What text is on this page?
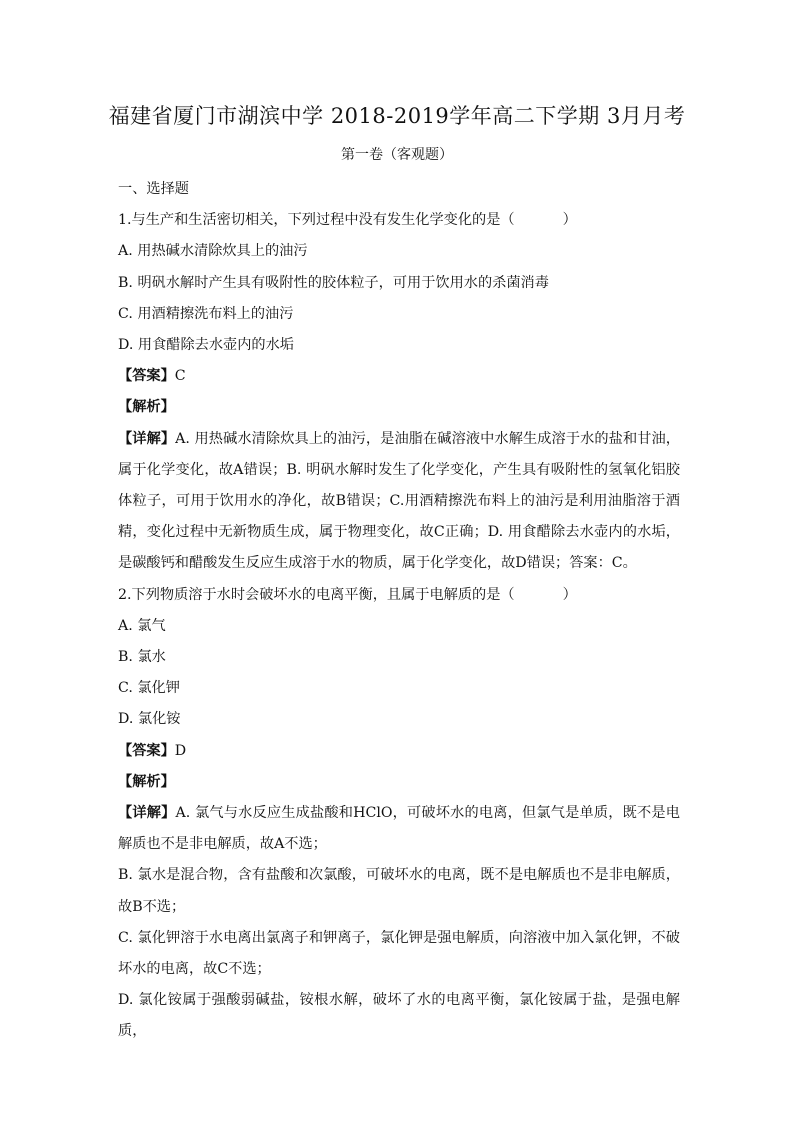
福建省厦门市湖滨中学 2018-2019学年高二下学期 3月月考
第一卷（客观题）

一、选择题

1.与生产和生活密切相关，下列过程中没有发生化学变化的是（	）

A. 用热碱水清除炊具上的油污

B. 明矾水解时产生具有吸附性的胶体粒子，可用于饮用水的杀菌消毒

C. 用酒精擦洗布料上的油污

D. 用食醋除去水壶内的水垢

【答案】C

【解析】

【详解】A. 用热碱水清除炊具上的油污，是油脂在碱溶液中水解生成溶于水的盐和甘油，属于化学变化，故A错误；B. 明矾水解时发生了化学变化，产生具有吸附性的氢氧化铝胶体粒子，可用于饮用水的净化，故B错误；C.用酒精擦洗布料上的油污是利用油脂溶于酒精，变化过程中无新物质生成，属于物理变化，故C正确；D. 用食醋除去水壶内的水垢，是碳酸钙和醋酸发生反应生成溶于水的物质，属于化学变化，故D错误；答案：C。

2.下列物质溶于水时会破坏水的电离平衡，且属于电解质的是（	）

A. 氯气

B. 氯水

C. 氯化钾

D. 氯化铵

【答案】D

【解析】

【详解】A. 氯气与水反应生成盐酸和HClO，可破坏水的电离，但氯气是单质，既不是电解质也不是非电解质，故A不选；

B. 氯水是混合物，含有盐酸和次氯酸，可破坏水的电离，既不是电解质也不是非电解质，故B不选；

C. 氯化钾溶于水电离出氯离子和钾离子，氯化钾是强电解质，向溶液中加入氯化钾，不破坏水的电离，故C不选；

D. 氯化铵属于强酸弱碱盐，铵根水解，破坏了水的电离平衡，氯化铵属于盐，是强电解质，
